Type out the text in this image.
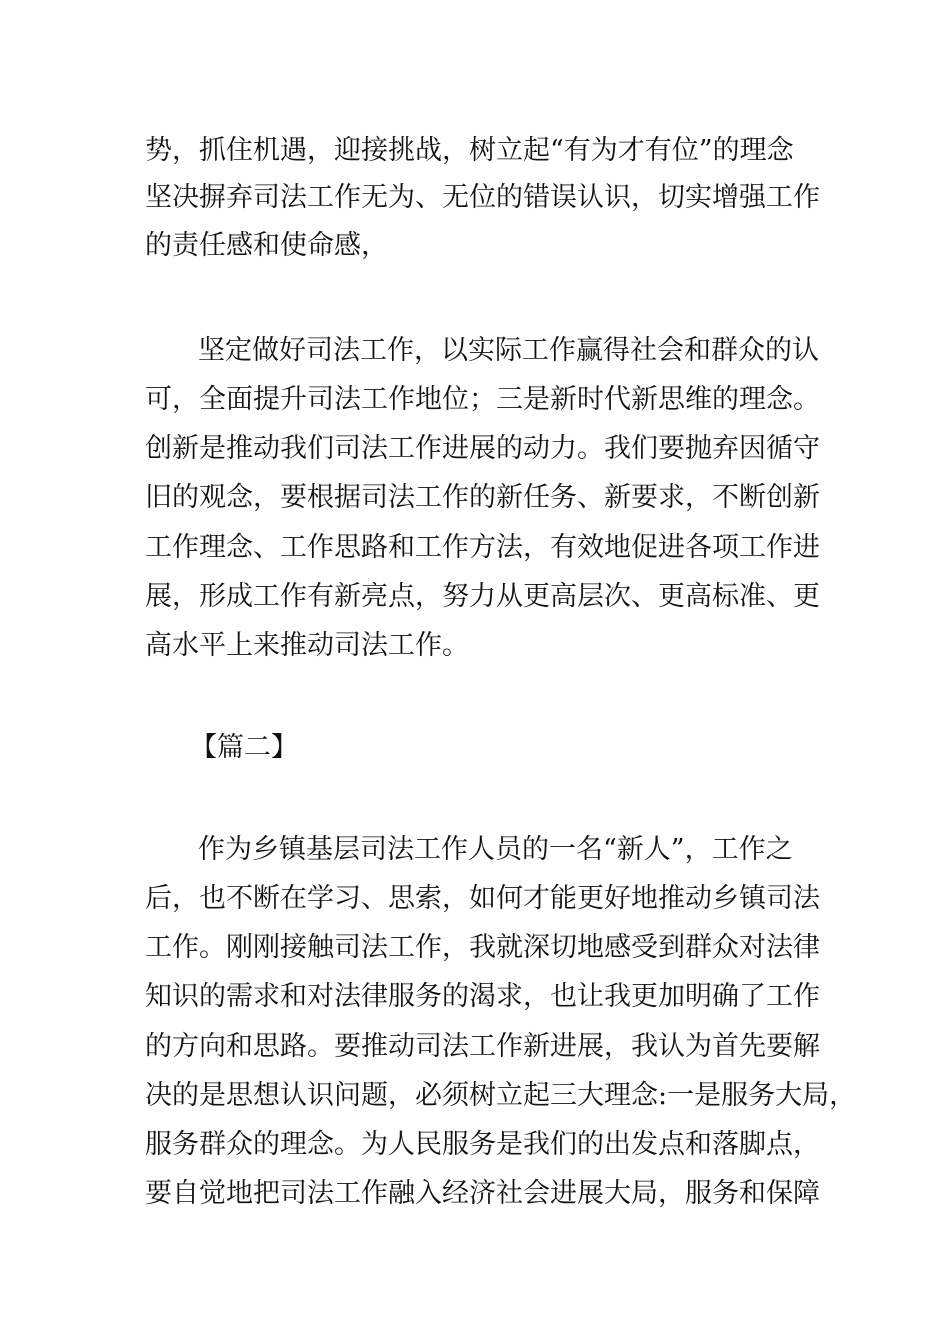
势，抓住机遇，迎接挑战，树立起“有为才有位”的理念
坚决摒弃司法工作无为、无位的错误认识，切实增强工作
的责任感和使命感，
坚定做好司法工作，以实际工作赢得社会和群众的认
可，全面提升司法工作地位；三是新时代新思维的理念。
创新是推动我们司法工作进展的动力。我们要抛弃因循守
旧的观念，要根据司法工作的新任务、新要求，不断创新
工作理念、工作思路和工作方法，有效地促进各项工作进
展，形成工作有新亮点，努力从更高层次、更高标准、更
高水平上来推动司法工作。
【篇二】
作为乡镇基层司法工作人员的一名“新人”，工作之
后，也不断在学习、思索，如何才能更好地推动乡镇司法
工作。刚刚接触司法工作，我就深切地感受到群众对法律
知识的需求和对法律服务的渴求，也让我更加明确了工作
的方向和思路。要推动司法工作新进展，我认为首先要解
决的是思想认识问题，必须树立起三大理念:一是服务大局，
服务群众的理念。为人民服务是我们的出发点和落脚点，
要自觉地把司法工作融入经济社会进展大局，服务和保障
